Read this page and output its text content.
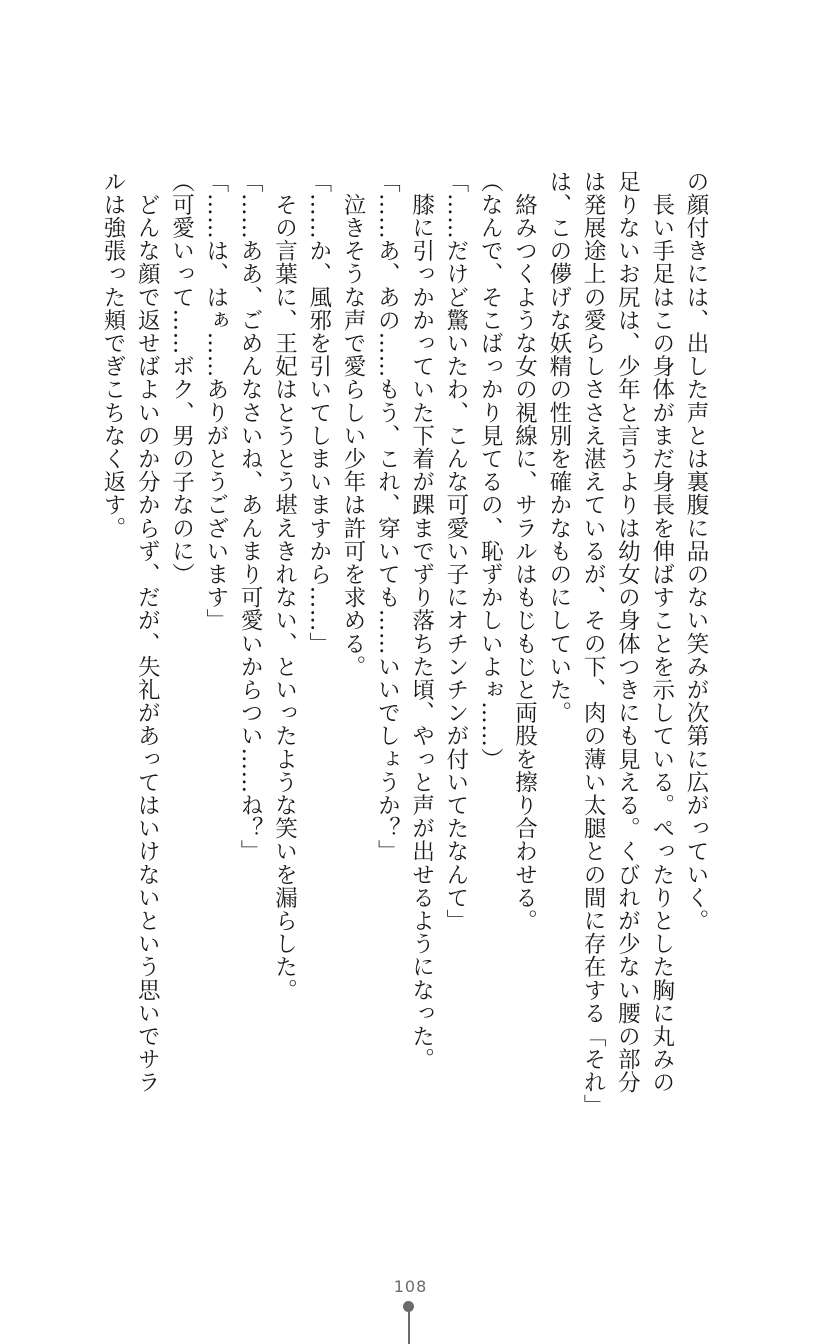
の顔付きには、出した声とは裏腹に品のない笑みが次第に広がっていく。
　長い手足はこの身体がまだ身長を伸ばすことを示している。ぺったりとした胸に丸みの
足りないお尻は、少年と言うよりは幼女の身体つきにも見える。くびれが少ない腰の部分
は発展途上の愛らしささえ湛えているが、その下、肉の薄い太腿との間に存在する「それ」
は、この儚げな妖精の性別を確かなものにしていた。
　絡みつくような女の視線に、サラルはもじもじと両股を擦り合わせる。
（なんで、そこばっかり見てるの、恥ずかしいよぉ……）
「……だけど驚いたわ、こんな可愛い子にオチンチンが付いてたなんて」
　膝に引っかかっていた下着が踝までずり落ちた頃、やっと声が出せるようになった。
「……あ、あの……もう、これ、穿いても……いいでしょうか？」
　泣きそうな声で愛らしい少年は許可を求める。
「……か、風邪を引いてしまいますから……」
　その言葉に、王妃はとうとう堪えきれない、といったような笑いを漏らした。
「……ああ、ごめんなさいね、あんまり可愛いからつい……ね？」
「……は、はぁ……ありがとうございます」
（可愛いって……ボク、男の子なのに）
　どんな顔で返せばよいのか分からず、だが、失礼があってはいけないという思いでサラ
ルは強張った頬でぎこちなく返す。
108
